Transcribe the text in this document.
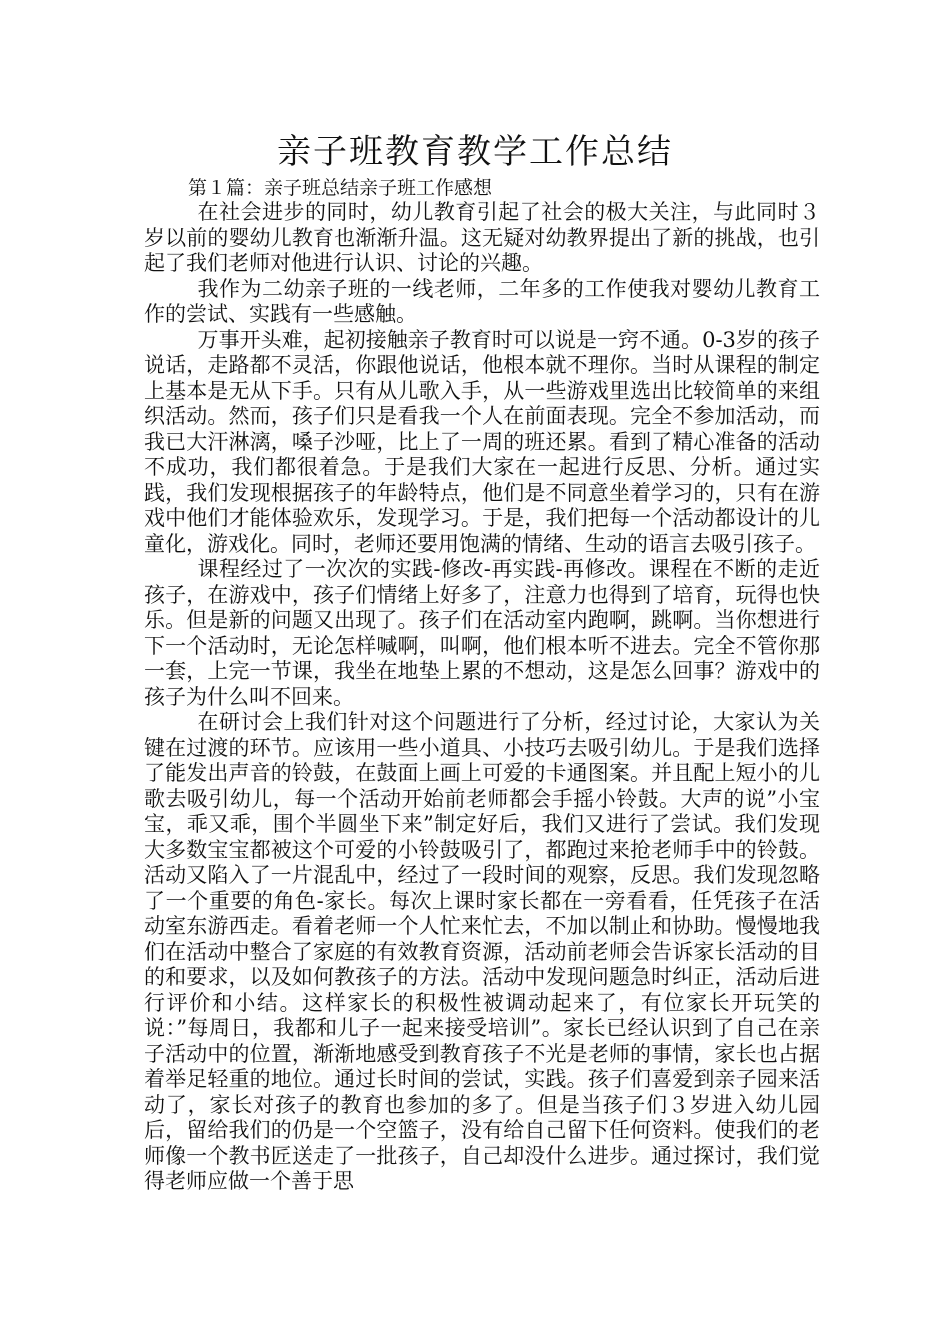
亲子班教育教学工作总结
第１篇：亲子班总结亲子班工作感想

在社会进步的同时，幼儿教育引起了社会的极大关注，与此同时３岁以前的婴幼儿教育也渐渐升温。这无疑对幼教界提出了新的挑战，也引起了我们老师对他进行认识、讨论的兴趣。

我作为二幼亲子班的一线老师，二年多的工作使我对婴幼儿教育工作的尝试、实践有一些感触。

万事开头难，起初接触亲子教育时可以说是一窍不通。0-3岁的孩子说话，走路都不灵活，你跟他说话，他根本就不理你。当时从课程的制定上基本是无从下手。只有从儿歌入手，从一些游戏里选出比较简单的来组织活动。然而，孩子们只是看我一个人在前面表现。完全不参加活动，而我已大汗淋漓，嗓子沙哑，比上了一周的班还累。看到了精心准备的活动不成功，我们都很着急。于是我们大家在一起进行反思、分析。通过实践，我们发现根据孩子的年龄特点，他们是不同意坐着学习的，只有在游戏中他们才能体验欢乐，发现学习。于是，我们把每一个活动都设计的儿童化，游戏化。同时，老师还要用饱满的情绪、生动的语言去吸引孩子。

课程经过了一次次的实践-修改-再实践-再修改。课程在不断的走近孩子，在游戏中，孩子们情绪上好多了，注意力也得到了培育，玩得也快乐。但是新的问题又出现了。孩子们在活动室内跑啊，跳啊。当你想进行下一个活动时，无论怎样喊啊，叫啊，他们根本听不进去。完全不管你那一套，上完一节课，我坐在地垫上累的不想动，这是怎么回事？游戏中的孩子为什么叫不回来。

在研讨会上我们针对这个问题进行了分析，经过讨论，大家认为关键在过渡的环节。应该用一些小道具、小技巧去吸引幼儿。于是我们选择了能发出声音的铃鼓，在鼓面上画上可爱的卡通图案。并且配上短小的儿歌去吸引幼儿，每一个活动开始前老师都会手摇小铃鼓。大声的说”小宝宝，乖又乖，围个半圆坐下来”制定好后，我们又进行了尝试。我们发现大多数宝宝都被这个可爱的小铃鼓吸引了，都跑过来抢老师手中的铃鼓。活动又陷入了一片混乱中，经过了一段时间的观察，反思。我们发现忽略了一个重要的角色-家长。每次上课时家长都在一旁看看，任凭孩子在活动室东游西走。看着老师一个人忙来忙去，不加以制止和协助。慢慢地我们在活动中整合了家庭的有效教育资源，活动前老师会告诉家长活动的目的和要求，以及如何教孩子的方法。活动中发现问题急时纠正，活动后进行评价和小结。这样家长的积极性被调动起来了，有位家长开玩笑的说：”每周日，我都和儿子一起来接受培训”。家长已经认识到了自己在亲子活动中的位置，渐渐地感受到教育孩子不光是老师的事情，家长也占据着举足轻重的地位。通过长时间的尝试，实践。孩子们喜爱到亲子园来活动了，家长对孩子的教育也参加的多了。但是当孩子们３岁进入幼儿园后，留给我们的仍是一个空篮子，没有给自己留下任何资料。使我们的老师像一个教书匠送走了一批孩子，自己却没什么进步。通过探讨，我们觉得老师应做一个善于思
